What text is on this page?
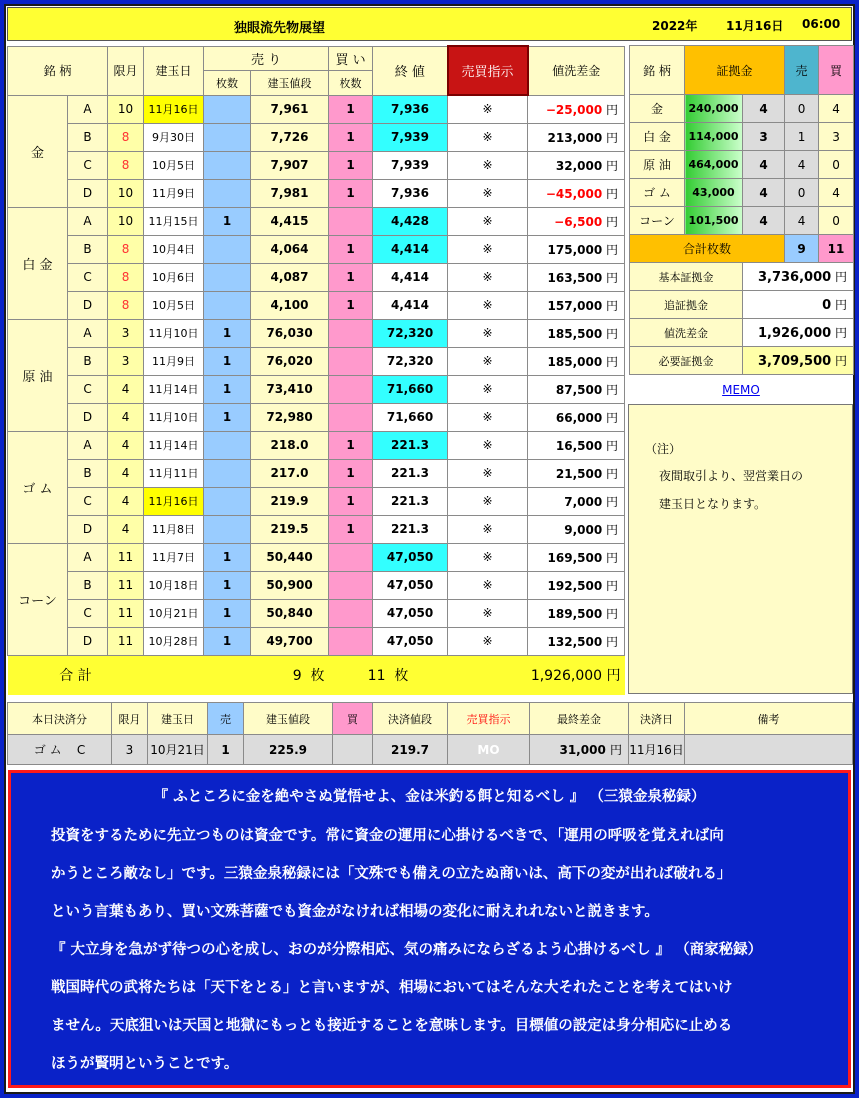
独眼流先物展望	2022年 11月16日 06:00
銘 柄		限月	建玉日	売 り		買 い	終 値	売買指示	値洗差金
				枚数	建玉値段	枚数			
金	A	10	11月16日		7,961	1	7,936	※	−25,000 円
	B	8	9月30日		7,726	1	7,939	※	213,000 円
	C	8	10月5日		7,907	1	7,939	※	32,000 円
	D	10	11月9日		7,981	1	7,936	※	−45,000 円
白 金	A	10	11月15日	1	4,415		4,428	※	−6,500 円
	B	8	10月4日		4,064	1	4,414	※	175,000 円
	C	8	10月6日		4,087	1	4,414	※	163,500 円
	D	8	10月5日		4,100	1	4,414	※	157,000 円
原 油	A	3	11月10日	1	76,030		72,320	※	185,500 円
	B	3	11月9日	1	76,020		72,320	※	185,000 円
	C	4	11月14日	1	73,410		71,660	※	87,500 円
	D	4	11月10日	1	72,980		71,660	※	66,000 円
ゴ ム	A	4	11月14日		218.0	1	221.3	※	16,500 円
	B	4	11月11日		217.0	1	221.3	※	21,500 円
	C	4	11月16日		219.9	1	221.3	※	7,000 円
	D	4	11月8日		219.5	1	221.3	※	9,000 円
コーン	A	11	11月7日	1	50,440		47,050	※	169,500 円
	B	11	10月18日	1	50,900		47,050	※	192,500 円
	C	11	10月21日	1	50,840		47,050	※	189,500 円
	D	11	10月28日	1	49,700		47,050	※	132,500 円
合 計			9 枚			11 枚		1,926,000 円	
銘 柄	証拠金		売	買
金	240,000	4	0	4
白 金	114,000	3	1	3
原 油	464,000	4	4	0
ゴ ム	43,000	4	0	4
コーン	101,500	4	4	0
合計枚数			9	11
基本証拠金		3,736,000 円		
追証拠金		0 円		
値洗差金		1,926,000 円		
必要証拠金		3,709,500 円		
MEMO
（注）
夜間取引より、翌営業日の
建玉日となります。
本日決済分	限月	建玉日	売	建玉値段	買	決済値段	売買指示	最終差金	決済日	備考
ゴ ム C	3	10月21日	1	225.9		219.7	MO	31,000 円	11月16日	

『 ふところに金を絶やさぬ覚悟せよ、金は米釣る餌と知るべし 』 （三猿金泉秘録）

投資をするために先立つものは資金です。常に資金の運用に心掛けるべきで、「運用の呼吸を覚えれば向

かうところ敵なし」です。三猿金泉秘録には「文殊でも備えの立たぬ商いは、高下の変が出れば破れる」

という言葉もあり、買い文殊菩薩でも資金がなければ相場の変化に耐えれれないと説きます。

『 大立身を急がず待つの心を成し、おのが分際相応、気の痛みにならざるよう心掛けるべし 』 （商家秘録）

戦国時代の武将たちは「天下をとる」と言いますが、相場においてはそんな大それたことを考えてはいけ

ません。天底狙いは天国と地獄にもっとも接近することを意味します。目標値の設定は身分相応に止める

ほうが賢明ということです。
